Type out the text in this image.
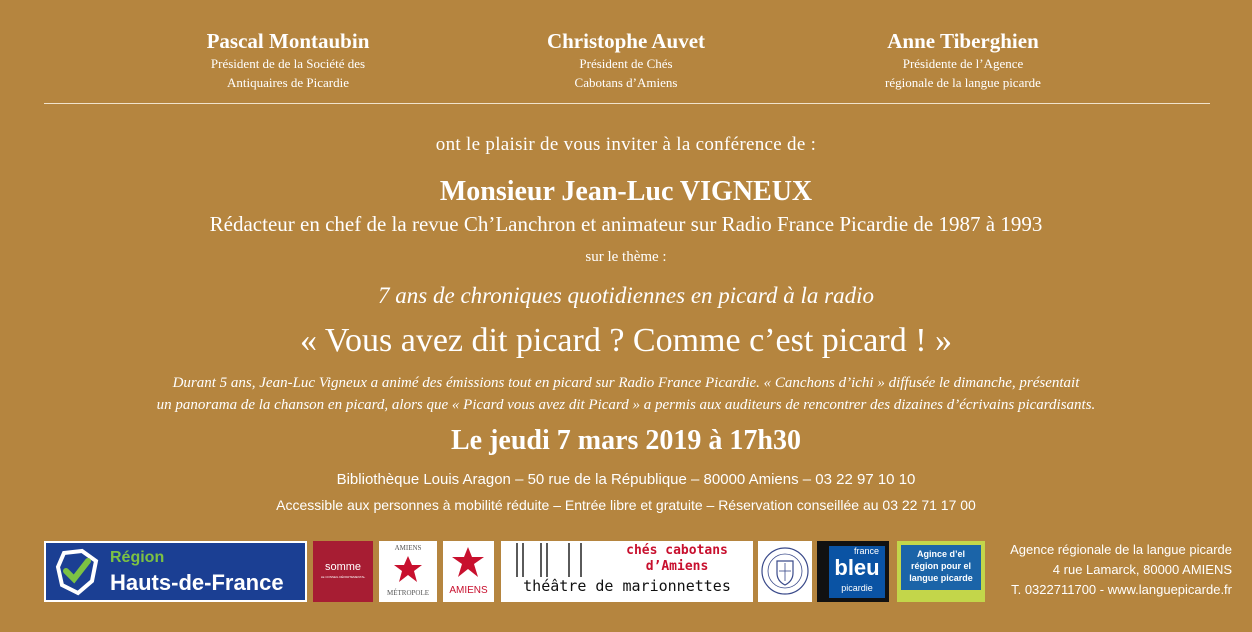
Pascal Montaubin
Président de de la Société des
Antiquaires de Picardie
Christophe Auvet
Président de Chés
Cabotans d’Amiens
Anne Tiberghien
Présidente de l’Agence
régionale de la langue picarde
ont le plaisir de vous inviter à la conférence de :
Monsieur Jean-Luc VIGNEUX
Rédacteur en chef de la revue Ch’Lanchron et animateur sur Radio France Picardie de 1987 à 1993
sur le thème :
7 ans de chroniques quotidiennes en picard à la radio
« Vous avez dit picard ? Comme c’est picard ! »
Durant 5 ans, Jean-Luc Vigneux a animé des émissions tout en picard sur Radio France Picardie. « Canchons d’ichi » diffusée le dimanche, présentait
un panorama de la chanson en picard, alors que « Picard vous avez dit Picard » a permis aux auditeurs de rencontrer des dizaines d’écrivains picardisants.
Le jeudi 7 mars 2019 à 17h30
Bibliothèque Louis Aragon – 50 rue de la République – 80000 Amiens – 03 22 97 10 10
Accessible aux personnes à mobilité réduite – Entrée libre et gratuite – Réservation conseillée au 03 22 71 17 00
Région
Hauts-de-France
somme
LE CONSEIL DÉPARTEMENTAL
AMIENS
MÉTROPOLE	AMIENS
chés cabotans
d’Amiens
théâtre de marionnettes
france
bleu
picardie
Agince d’el
région pour el
langue picarde
Agence régionale de la langue picarde
4 rue Lamarck, 80000 AMIENS
T. 0322711700 - www.languepicarde.fr
